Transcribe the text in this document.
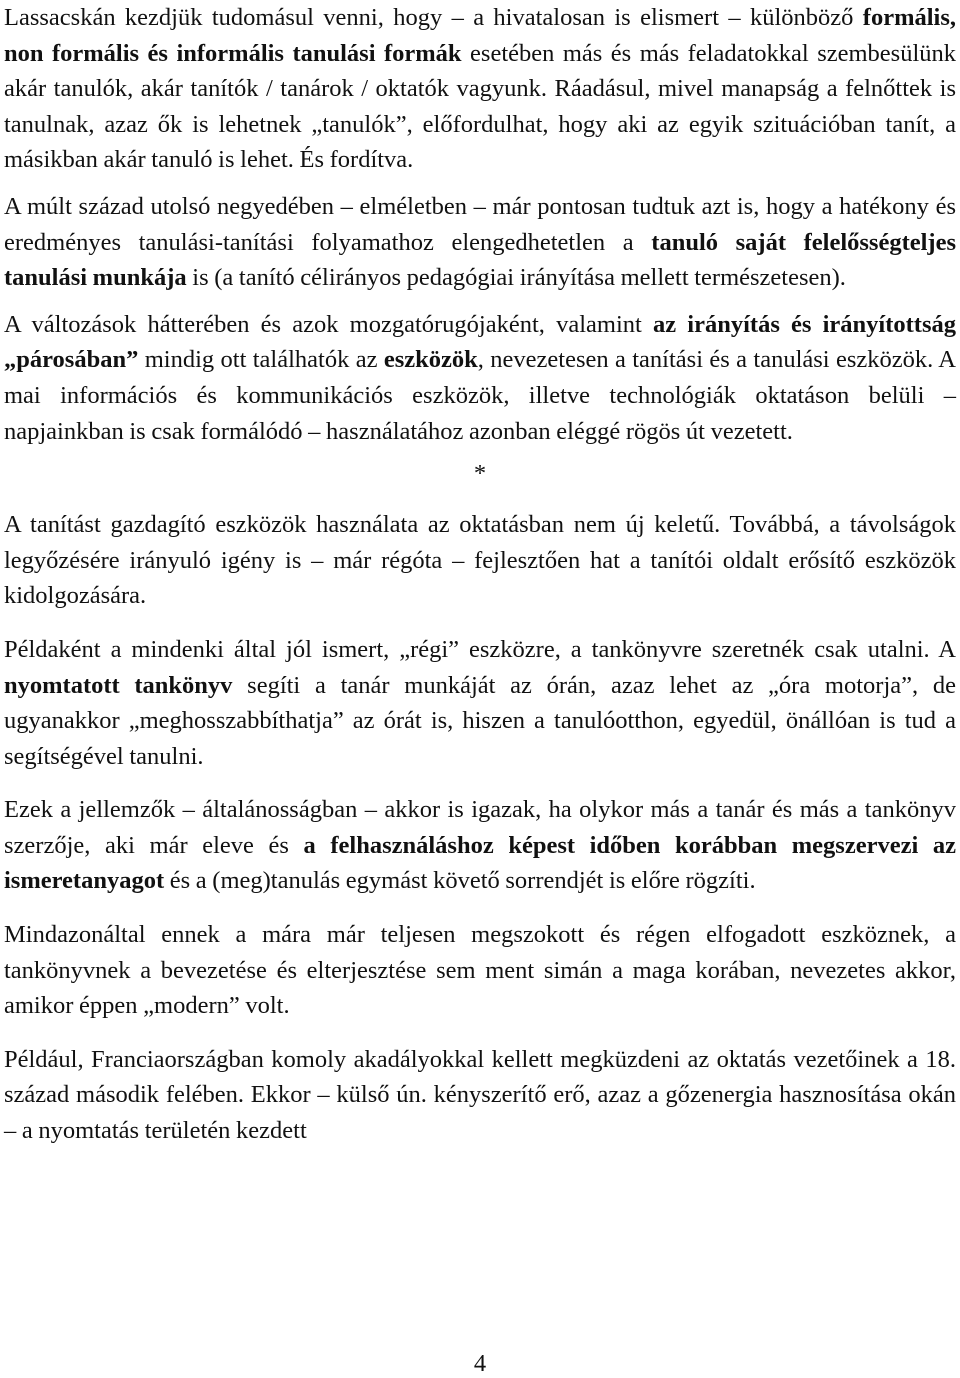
Lassacskán kezdjük tudomásul venni, hogy – a hivatalosan is elismert – különböző formális, non formális és informális tanulási formák esetében más és más feladatokkal szembesülünk akár tanulók, akár tanítók / tanárok / oktatók vagyunk. Ráadásul, mivel manapság a felnőttek is tanulnak, azaz ők is lehetnek „tanulók”, előfordulhat, hogy aki az egyik szituációban tanít, a másikban akár tanuló is lehet. És fordítva.

A múlt század utolsó negyedében – elméletben – már pontosan tudtuk azt is, hogy a hatékony és eredményes tanulási-tanítási folyamathoz elengedhetetlen a tanuló saját felelősségteljes tanulási munkája is (a tanító célirányos pedagógiai irányítása mellett természetesen).

A változások hátterében és azok mozgatórugójaként, valamint az irányítás és irányítottság „párosában” mindig ott találhatók az eszközök, nevezetesen a tanítási és a tanulási eszközök. A mai információs és kommunikációs eszközök, illetve technológiák oktatáson belüli – napjainkban is csak formálódó – használatához azonban eléggé rögös út vezetett.

*

A tanítást gazdagító eszközök használata az oktatásban nem új keletű. Továbbá, a távolságok legyőzésére irányuló igény is – már régóta – fejlesztően hat a tanítói oldalt erősítő eszközök kidolgozására.

Példaként a mindenki által jól ismert, „régi” eszközre, a tankönyvre szeretnék csak utalni. A nyomtatott tankönyv segíti a tanár munkáját az órán, azaz lehet az „óra motorja”, de ugyanakkor „meghosszabbíthatja” az órát is, hiszen a tanulóotthon, egyedül, önállóan is tud a segítségével tanulni.

Ezek a jellemzők – általánosságban – akkor is igazak, ha olykor más a tanár és más a tankönyv szerzője, aki már eleve és a felhasználáshoz képest időben korábban megszervezi az ismeretanyagot és a (meg)tanulás egymást követő sorrendjét is előre rögzíti.

Mindazonáltal ennek a mára már teljesen megszokott és régen elfogadott eszköznek, a tankönyvnek a bevezetése és elterjesztése sem ment simán a maga korában, nevezetes akkor, amikor éppen „modern” volt.

Például, Franciaországban komoly akadályokkal kellett megküzdeni az oktatás vezetőinek a 18. század második felében. Ekkor – külső ún. kényszerítő erő, azaz a gőzenergia hasznosítása okán – a nyomtatás területén kezdett

4
